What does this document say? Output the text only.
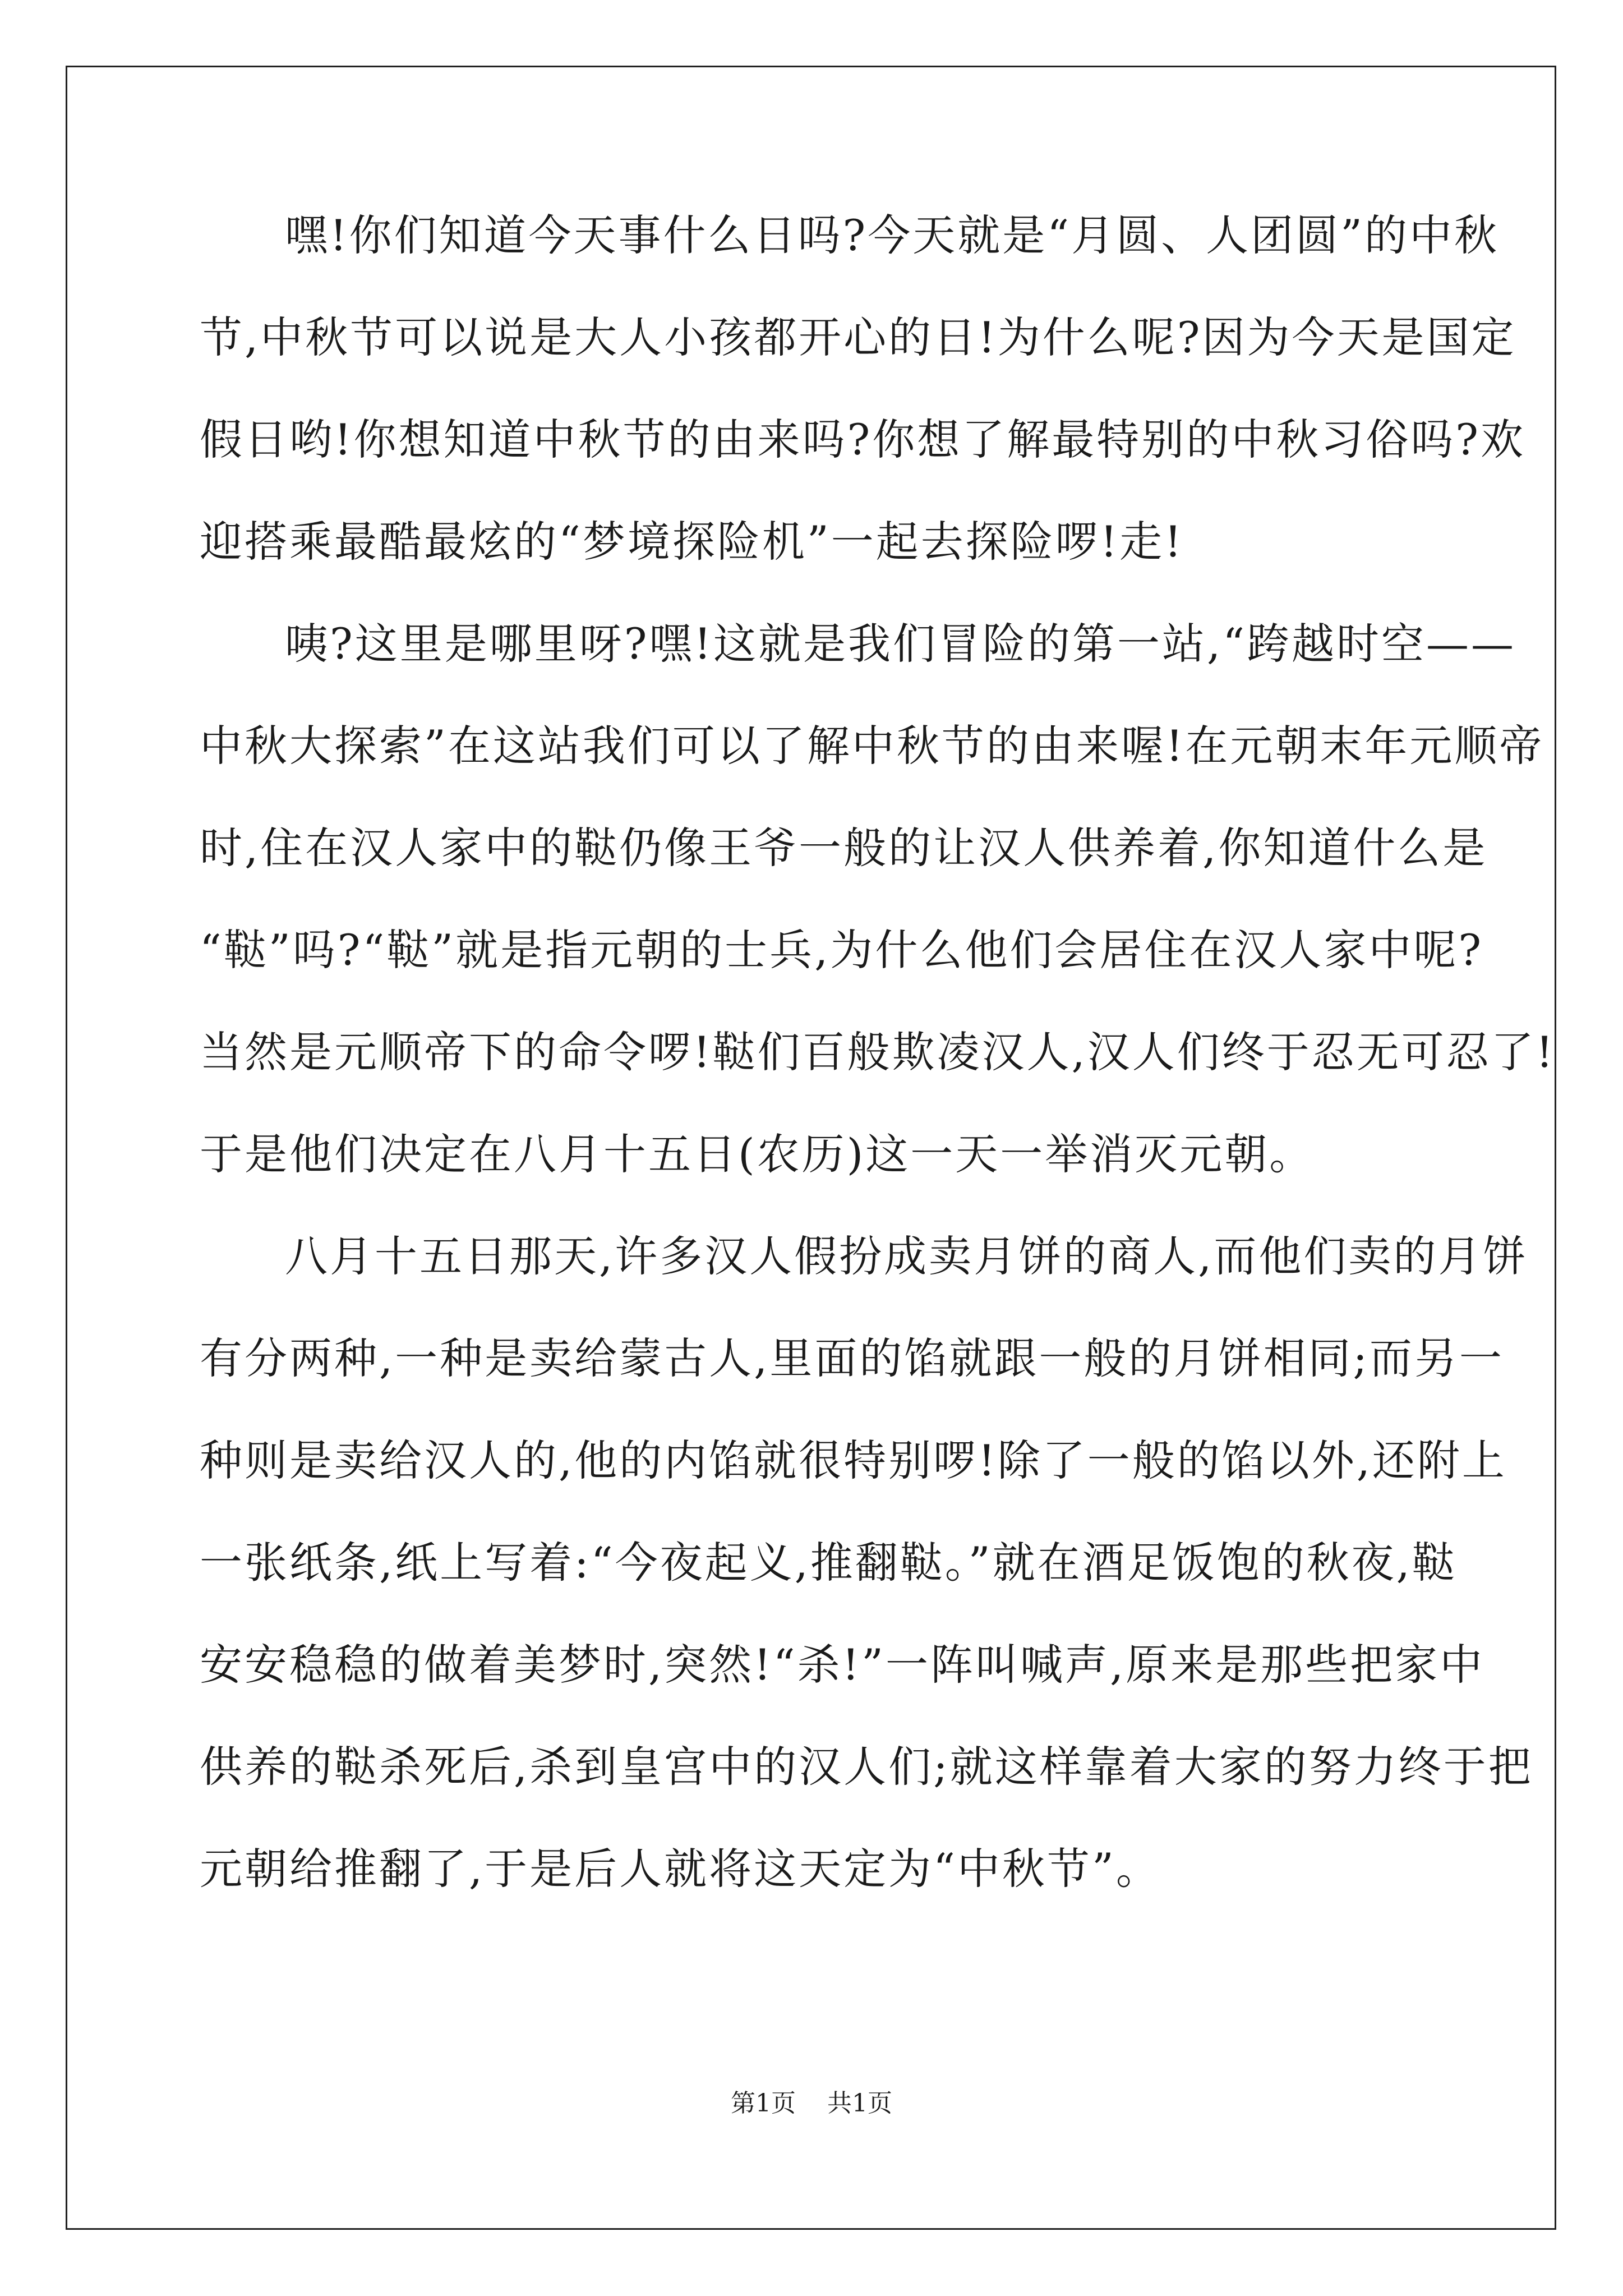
嘿!你们知道今天事什么日吗?今天就是“月圆、人团圆”的中秋
节,中秋节可以说是大人小孩都开心的日!为什么呢?因为今天是国定
假日哟!你想知道中秋节的由来吗?你想了解最特别的中秋习俗吗?欢
迎搭乘最酷最炫的“梦境探险机”一起去探险啰!走!
咦?这里是哪里呀?嘿!这就是我们冒险的第一站,“跨越时空——
中秋大探索”在这站我们可以了解中秋节的由来喔!在元朝末年元顺帝
时,住在汉人家中的鞑仍像王爷一般的让汉人供养着,你知道什么是
“鞑”吗?“鞑”就是指元朝的士兵,为什么他们会居住在汉人家中呢?
当然是元顺帝下的命令啰!鞑们百般欺凌汉人,汉人们终于忍无可忍了!
于是他们决定在八月十五日(农历)这一天一举消灭元朝。
八月十五日那天,许多汉人假扮成卖月饼的商人,而他们卖的月饼
有分两种,一种是卖给蒙古人,里面的馅就跟一般的月饼相同;而另一
种则是卖给汉人的,他的内馅就很特别啰!除了一般的馅以外,还附上
一张纸条,纸上写着:“今夜起义,推翻鞑。”就在酒足饭饱的秋夜,鞑
安安稳稳的做着美梦时,突然!“杀!”一阵叫喊声,原来是那些把家中
供养的鞑杀死后,杀到皇宫中的汉人们;就这样靠着大家的努力终于把
元朝给推翻了,于是后人就将这天定为“中秋节”。
第1页 共1页
